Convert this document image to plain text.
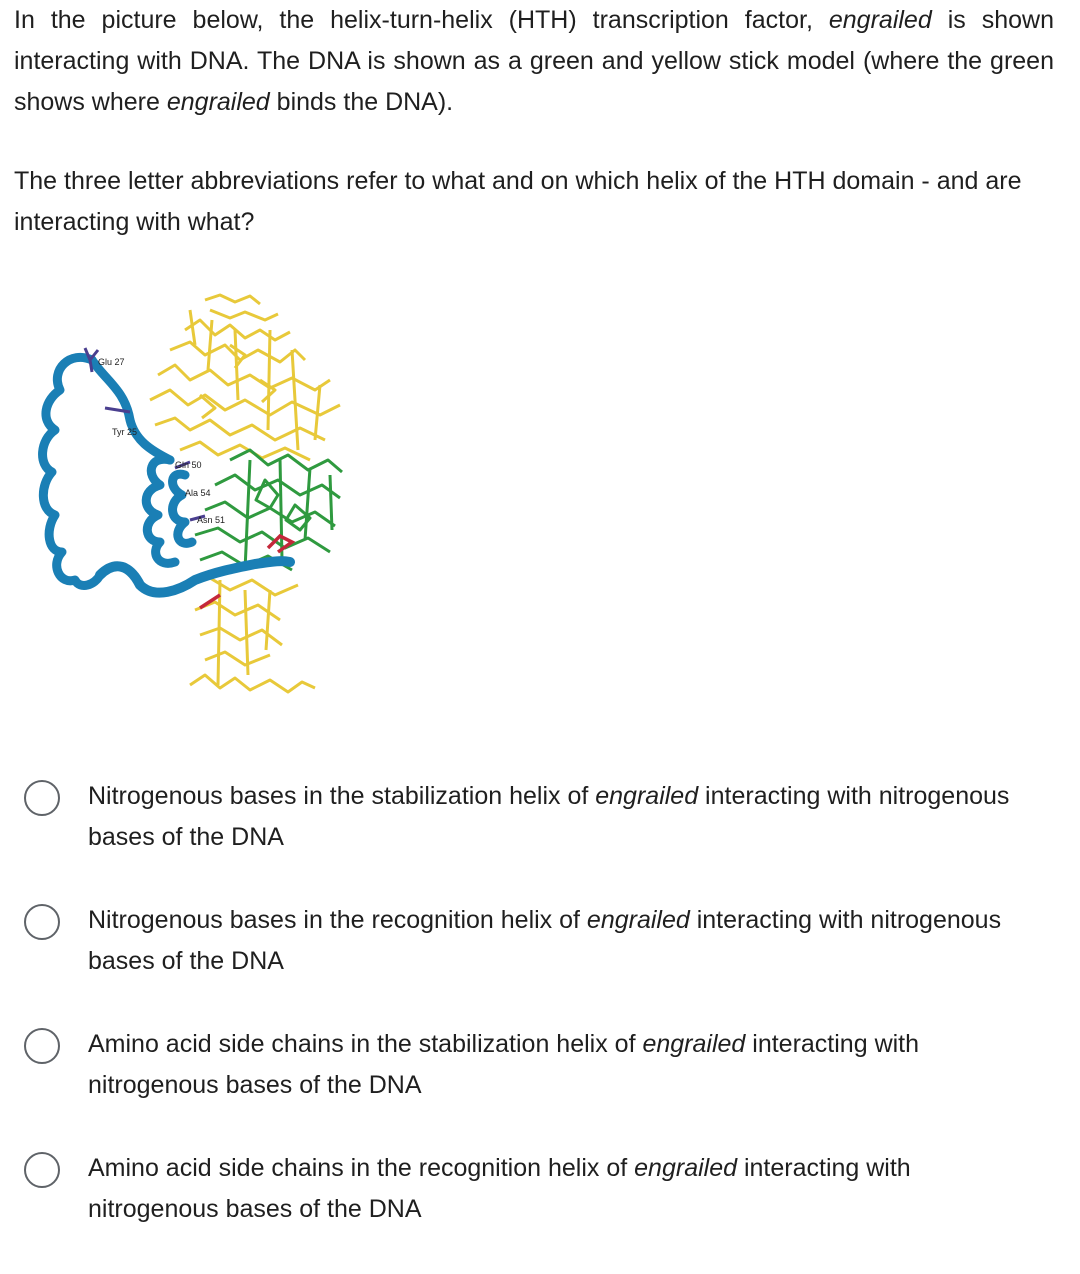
In the picture below, the helix-turn-helix (HTH) transcription factor, engrailed is shown interacting with DNA. The DNA is shown as a green and yellow stick model (where the green shows where engrailed binds the DNA).

The three letter abbreviations refer to what and on which helix of the HTH domain - and are interacting with what?

Glu 27
Tyr 25
Gln 50
Ala 54
Asn 51
Nitrogenous bases in the stabilization helix of engrailed interacting with nitrogenous bases of the DNA
Nitrogenous bases in the recognition helix of engrailed interacting with nitrogenous bases of the DNA
Amino acid side chains in the stabilization helix of engrailed interacting with nitrogenous bases of the DNA
Amino acid side chains in the recognition helix of engrailed interacting with nitrogenous bases of the DNA
